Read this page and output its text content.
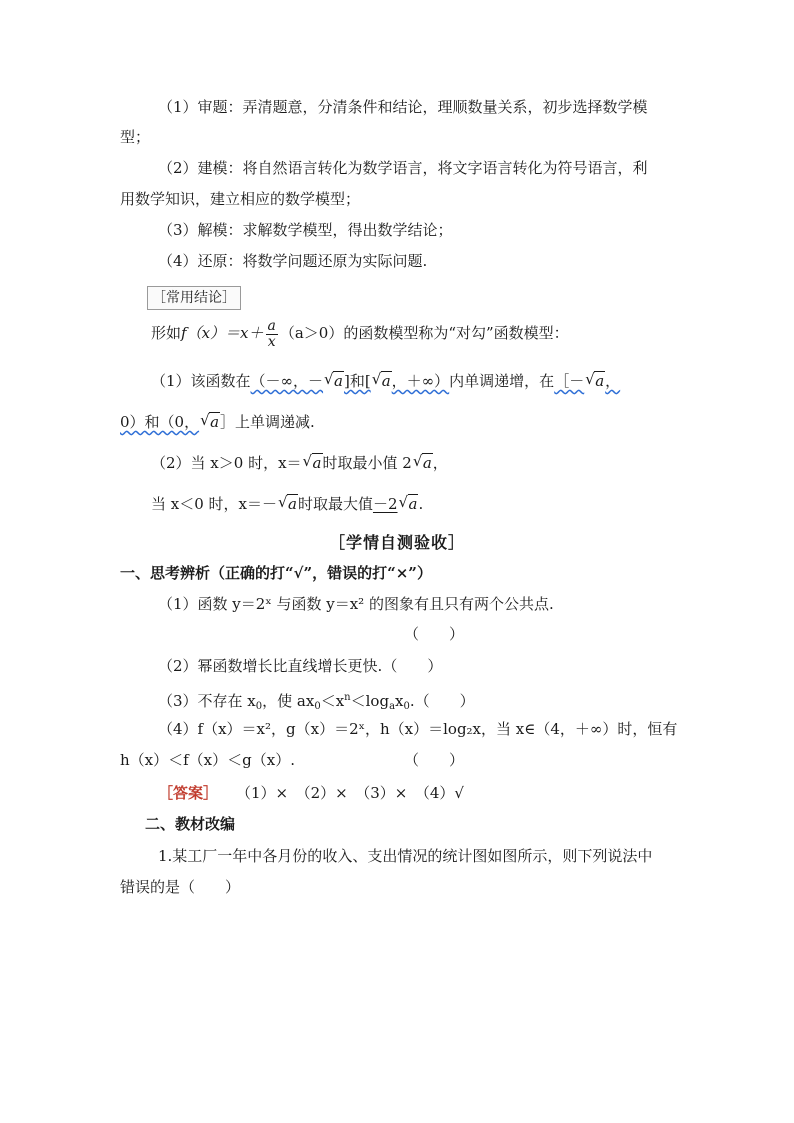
（1）审题：弄清题意，分清条件和结论，理顺数量关系，初步选择数学模
型；
（2）建模：将自然语言转化为数学语言，将文字语言转化为符号语言，利
用数学知识，建立相应的数学模型；
（3）解模：求解数学模型，得出数学结论；
（4）还原：将数学问题还原为实际问题.
［常用结论］
形如$f(x)=x+ \frac{a}{x} (a>0)$的函数模型称为“对勾”函数模型：
（1）该函数在（－∞，－ √ a]和[ √ a，＋∞）内单调递增，在［－ √ a，
0）和（0， √ a］上单调递减.
（2）当 x＞0 时，x＝ √ a时取最小值 2 √ a，
当 x＜0 时，x＝－ √ a时取最大值－2 √ a.
［学情自测验收］
一、思考辨析（正确的打“√”，错误的打“×”）
（1）函数 y＝2ˣ 与函数 y＝x² 的图象有且只有两个公共点.
（　　）
（2）幂函数增长比直线增长更快.（　　）
（3）不存在 $x_0$，使 $ax_0<x^n<\log_ax_0$.（　　）
（4）f（x）＝x²，g（x）＝2ˣ，h（x）＝log₂x，当 x∈（4，＋∞）时，恒有
h（x）＜f（x）＜g（x）.	（　　）
［答案］ （1）×　（2）×　（3）×　（4）√
二、教材改编
1.某工厂一年中各月份的收入、支出情况的统计图如图所示，则下列说法中
错误的是（　　）
